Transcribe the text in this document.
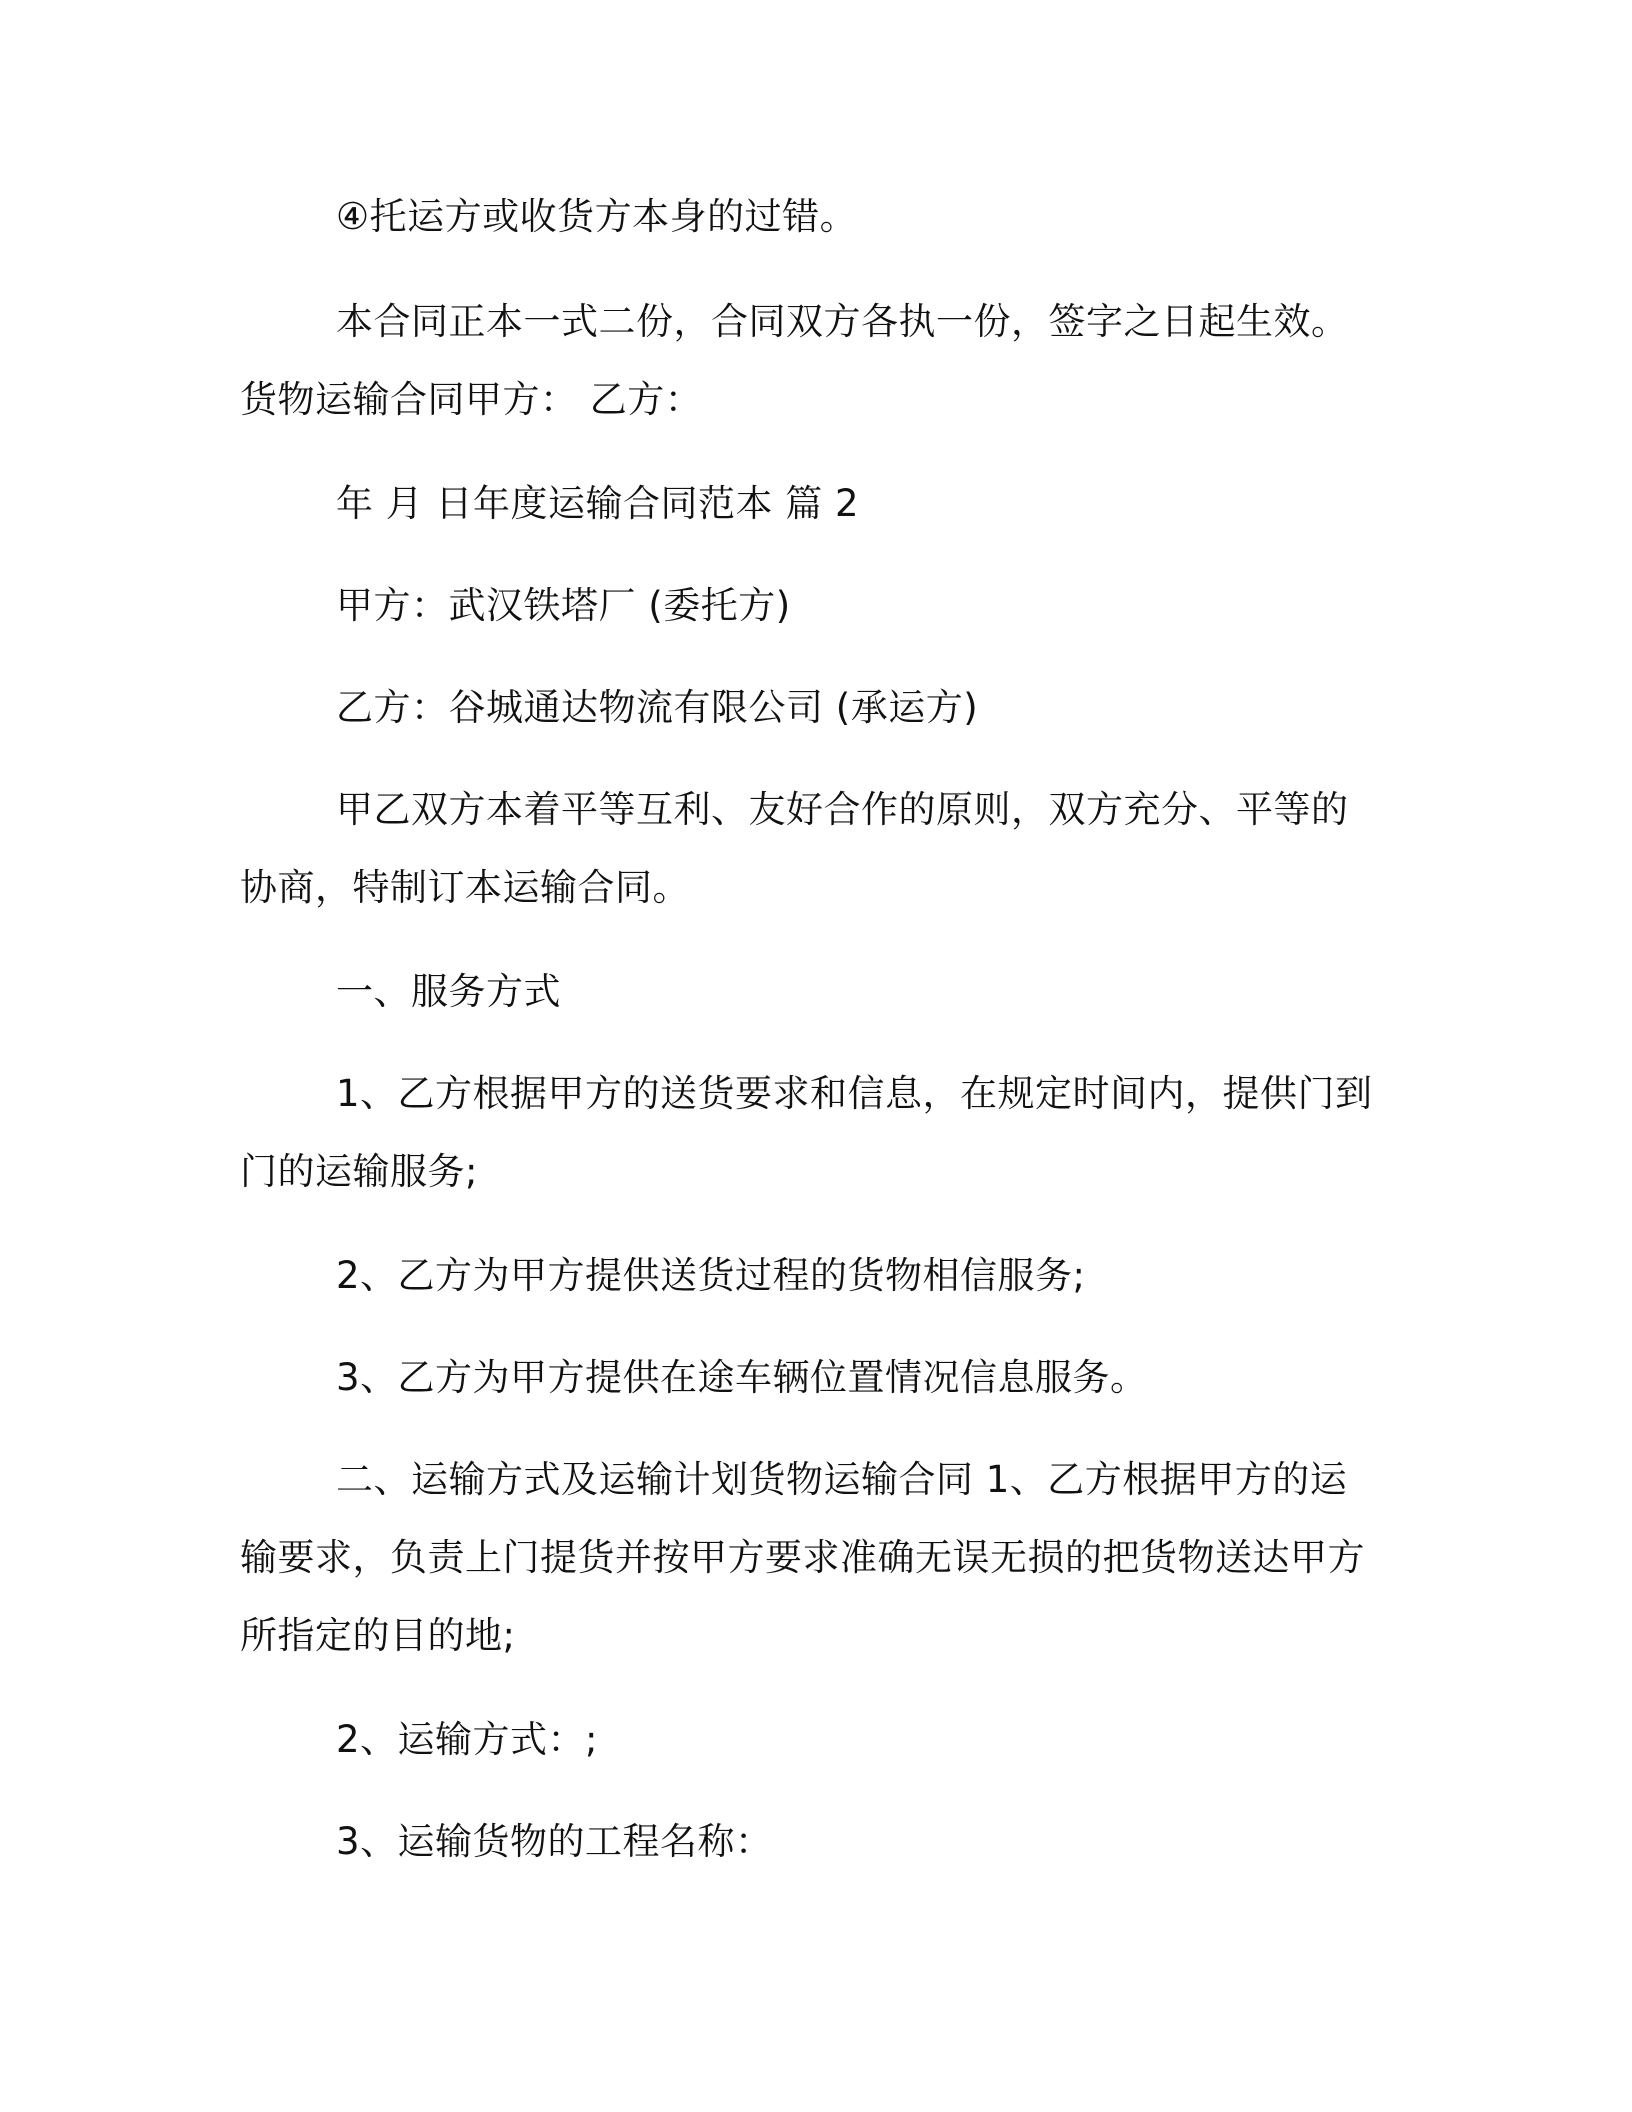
④托运方或收货方本身的过错。

本合同正本一式二份，合同双方各执一份，签字之日起生效。货物运输合同甲方： 乙方：

年 月 日年度运输合同范本 篇 2

甲方：武汉铁塔厂 (委托方)

乙方：谷城通达物流有限公司 (承运方)

甲乙双方本着平等互利、友好合作的原则，双方充分、平等的协商，特制订本运输合同。

一、服务方式

1、乙方根据甲方的送货要求和信息，在规定时间内，提供门到门的运输服务;

2、乙方为甲方提供送货过程的货物相信服务;

3、乙方为甲方提供在途车辆位置情况信息服务。

二、运输方式及运输计划货物运输合同 1、乙方根据甲方的运输要求，负责上门提货并按甲方要求准确无误无损的把货物送达甲方所指定的目的地;

2、运输方式：;

3、运输货物的工程名称：
